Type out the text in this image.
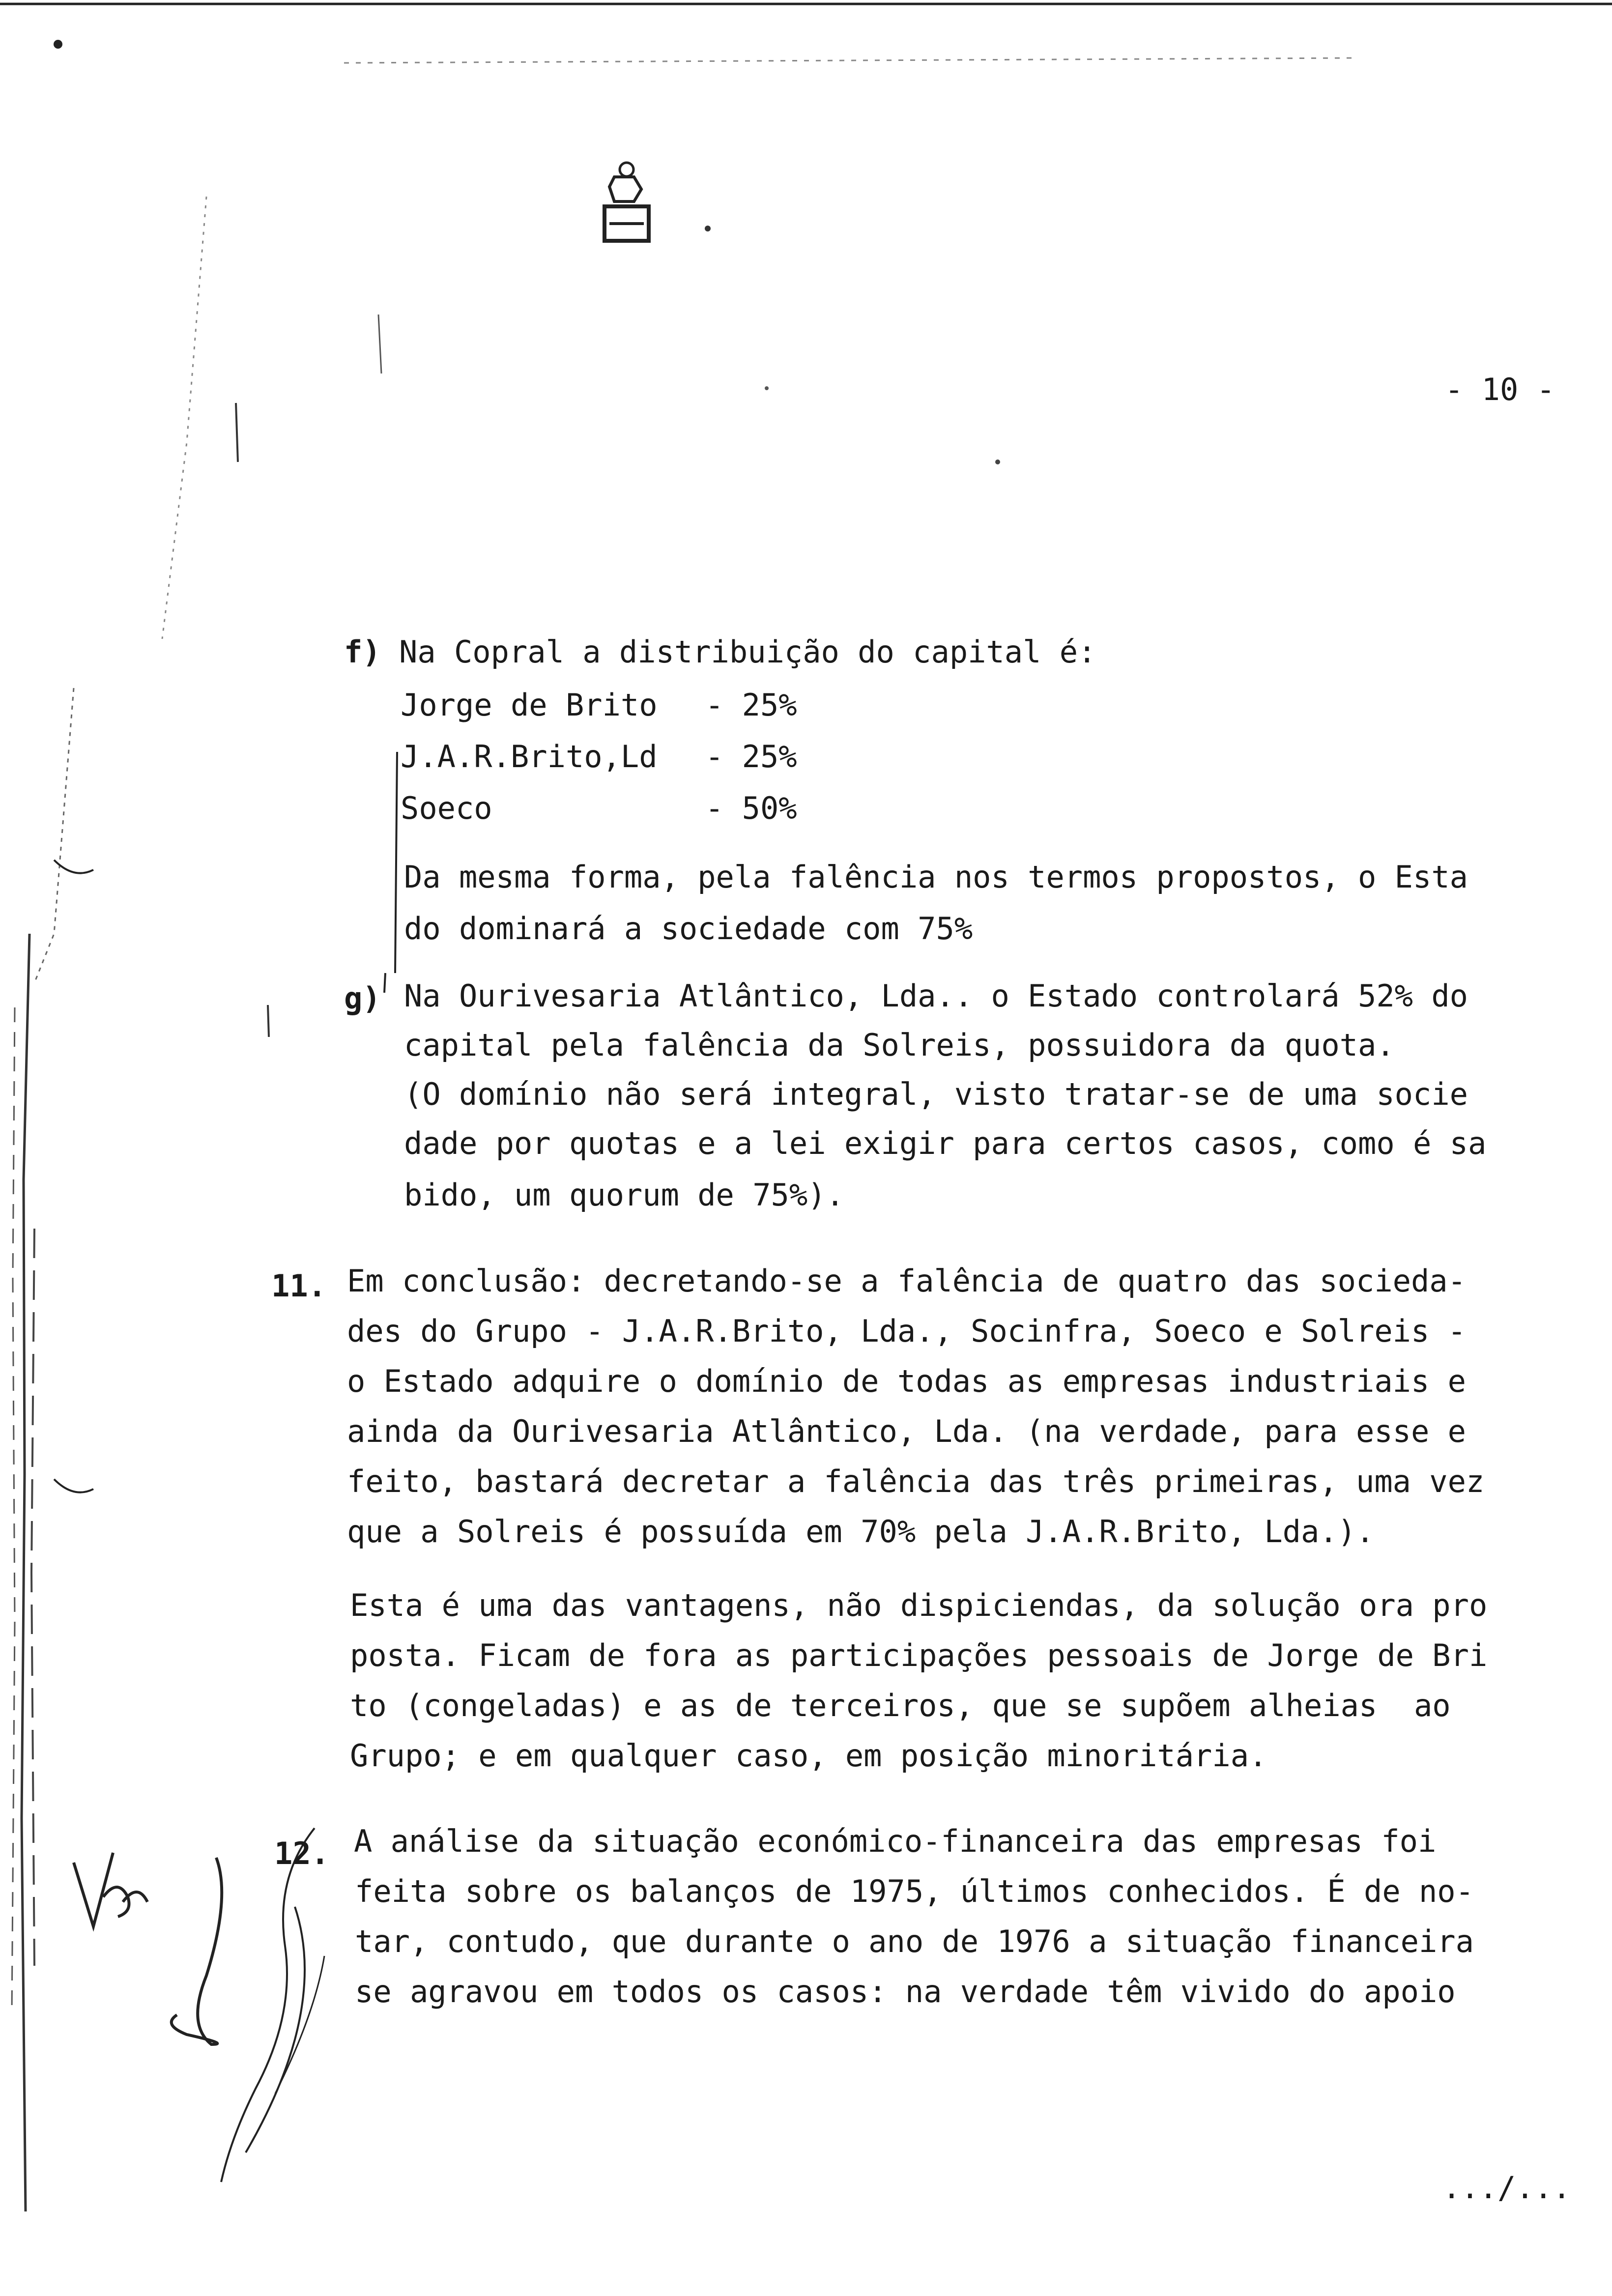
- 10 -
f) Na Copral a distribuição do capital é:
Jorge de Brito - 25%
J.A.R.Brito,Ld - 25%
Soeco	- 50%
Da mesma forma, pela falência nos termos propostos, o Esta
do dominará a sociedade com 75%
g) Na Ourivesaria Atlântico, Lda.. o Estado controlará 52% do
capital pela falência da Solreis, possuidora da quota.
(O domínio não será integral, visto tratar-se de uma socie
dade por quotas e a lei exigir para certos casos, como é sa
bido, um quorum de 75%).
11. Em conclusão: decretando-se a falência de quatro das socieda-
des do Grupo - J.A.R.Brito, Lda., Socinfra, Soeco e Solreis -
o Estado adquire o domínio de todas as empresas industriais e
ainda da Ourivesaria Atlântico, Lda. (na verdade, para esse e
feito, bastará decretar a falência das três primeiras, uma vez
que a Solreis é possuída em 70% pela J.A.R.Brito, Lda.).
Esta é uma das vantagens, não dispiciendas, da solução ora pro
posta. Ficam de fora as participações pessoais de Jorge de Bri
to (congeladas) e as de terceiros, que se supõem alheias  ao
Grupo; e em qualquer caso, em posição minoritária.
12. A análise da situação económico-financeira das empresas foi
feita sobre os balanços de 1975, últimos conhecidos. É de no-
tar, contudo, que durante o ano de 1976 a situação financeira
se agravou em todos os casos: na verdade têm vivido do apoio
.../...
